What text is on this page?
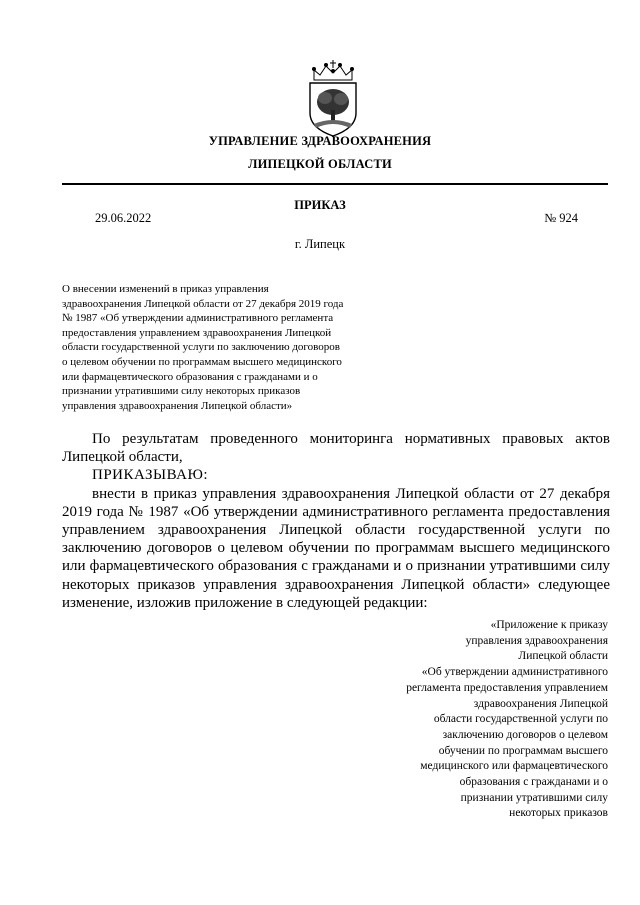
УПРАВЛЕНИЕ ЗДРАВООХРАНЕНИЯ
ЛИПЕЦКОЙ ОБЛАСТИ
ПРИКАЗ
29.06.2022	№ 924
г. Липецк
О внесении изменений в приказ управления
здравоохранения Липецкой области от 27 декабря 2019 года
№ 1987 «Об утверждении административного регламента
предоставления управлением здравоохранения Липецкой
области государственной услуги по заключению договоров
о целевом обучении по программам высшего медицинского
или фармацевтического образования с гражданами и о
признании утратившими силу некоторых приказов
управления здравоохранения Липецкой области»

По результатам проведенного мониторинга нормативных правовых актов Липецкой области,

ПРИКАЗЫВАЮ:

внести в приказ управления здравоохранения Липецкой области от 27 декабря 2019 года № 1987 «Об утверждении административного регламента предоставления управлением здравоохранения Липецкой области государственной услуги по заключению договоров о целевом обучении по программам высшего медицинского или фармацевтического образования с гражданами и о признании утратившими силу некоторых приказов управления здравоохранения Липецкой области» следующее изменение, изложив приложение в следующей редакции:

«Приложение к приказу
управления здравоохранения
Липецкой области
«Об утверждении административного
регламента предоставления управлением
здравоохранения Липецкой
области государственной услуги по
заключению договоров о целевом
обучении по программам высшего
медицинского или фармацевтического
образования с гражданами и о
признании утратившими силу
некоторых приказов
